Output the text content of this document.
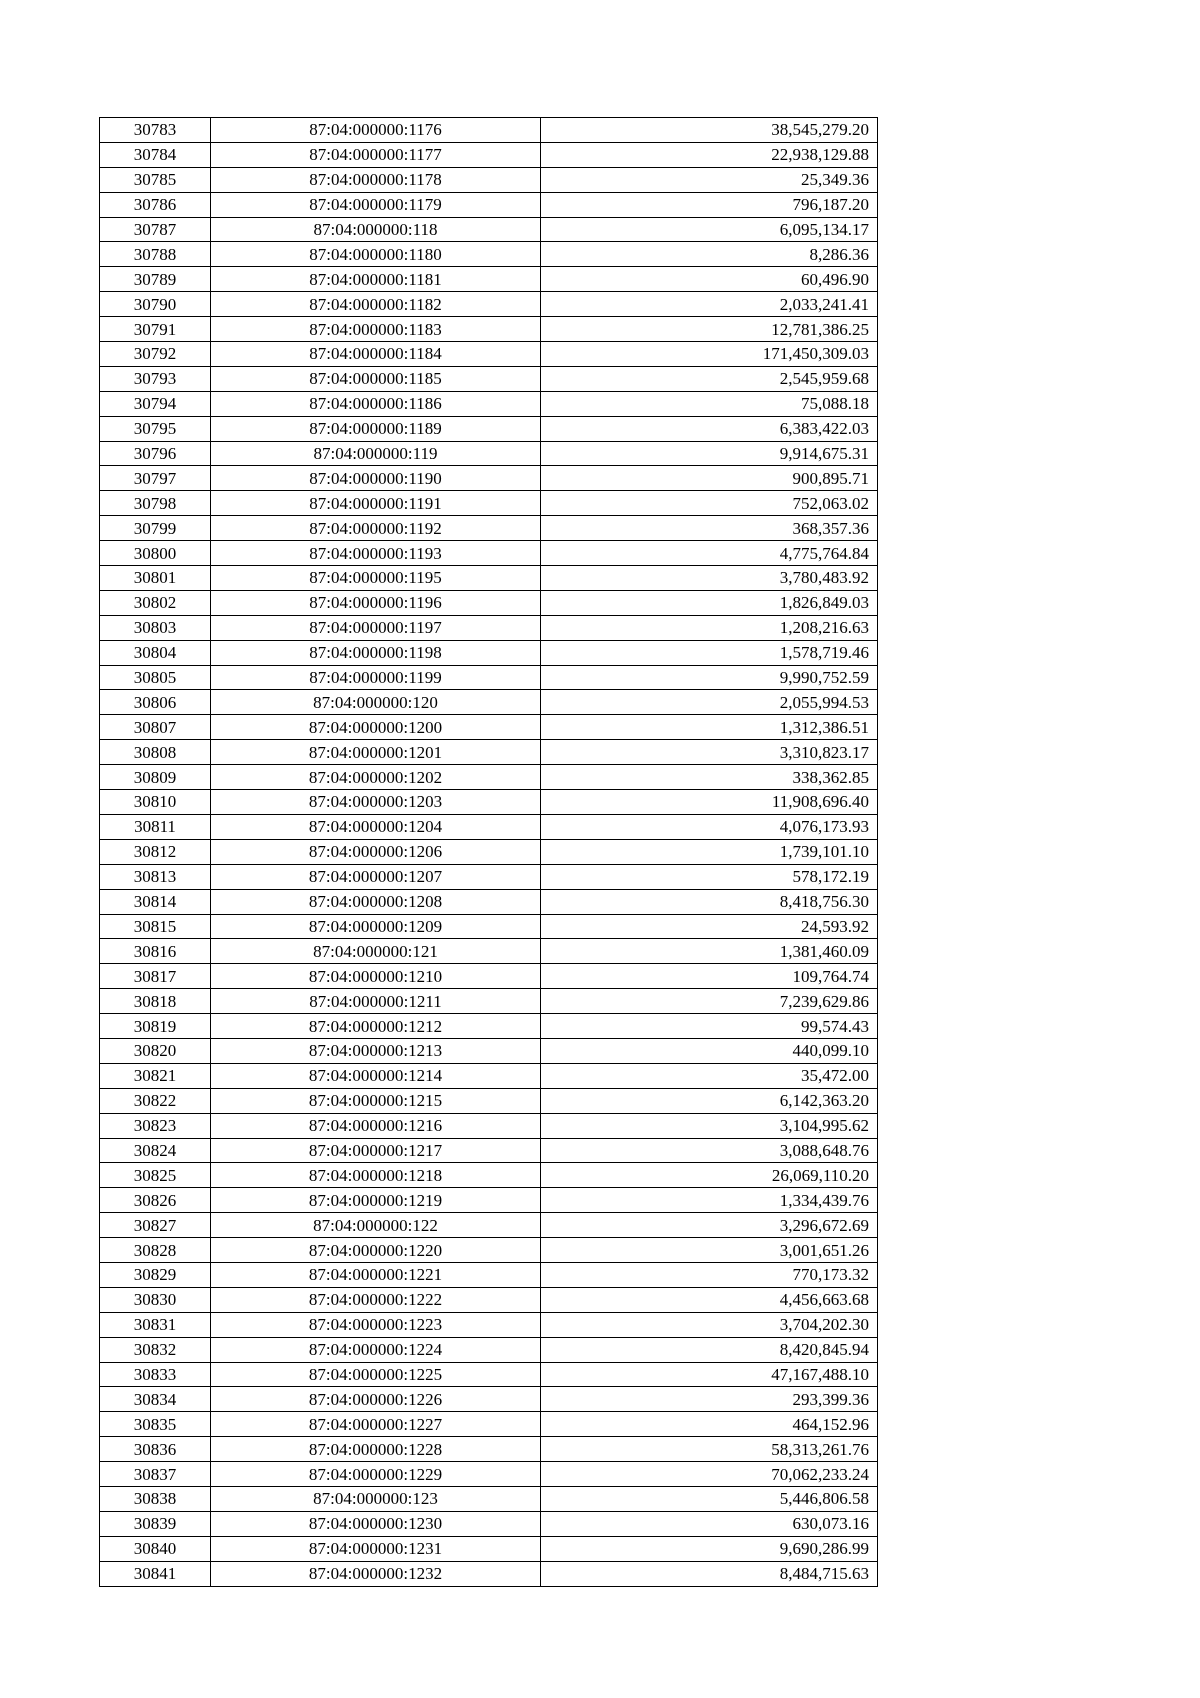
30783	87:04:000000:1176	38,545,279.20
30784	87:04:000000:1177	22,938,129.88
30785	87:04:000000:1178	25,349.36
30786	87:04:000000:1179	796,187.20
30787	87:04:000000:118	6,095,134.17
30788	87:04:000000:1180	8,286.36
30789	87:04:000000:1181	60,496.90
30790	87:04:000000:1182	2,033,241.41
30791	87:04:000000:1183	12,781,386.25
30792	87:04:000000:1184	171,450,309.03
30793	87:04:000000:1185	2,545,959.68
30794	87:04:000000:1186	75,088.18
30795	87:04:000000:1189	6,383,422.03
30796	87:04:000000:119	9,914,675.31
30797	87:04:000000:1190	900,895.71
30798	87:04:000000:1191	752,063.02
30799	87:04:000000:1192	368,357.36
30800	87:04:000000:1193	4,775,764.84
30801	87:04:000000:1195	3,780,483.92
30802	87:04:000000:1196	1,826,849.03
30803	87:04:000000:1197	1,208,216.63
30804	87:04:000000:1198	1,578,719.46
30805	87:04:000000:1199	9,990,752.59
30806	87:04:000000:120	2,055,994.53
30807	87:04:000000:1200	1,312,386.51
30808	87:04:000000:1201	3,310,823.17
30809	87:04:000000:1202	338,362.85
30810	87:04:000000:1203	11,908,696.40
30811	87:04:000000:1204	4,076,173.93
30812	87:04:000000:1206	1,739,101.10
30813	87:04:000000:1207	578,172.19
30814	87:04:000000:1208	8,418,756.30
30815	87:04:000000:1209	24,593.92
30816	87:04:000000:121	1,381,460.09
30817	87:04:000000:1210	109,764.74
30818	87:04:000000:1211	7,239,629.86
30819	87:04:000000:1212	99,574.43
30820	87:04:000000:1213	440,099.10
30821	87:04:000000:1214	35,472.00
30822	87:04:000000:1215	6,142,363.20
30823	87:04:000000:1216	3,104,995.62
30824	87:04:000000:1217	3,088,648.76
30825	87:04:000000:1218	26,069,110.20
30826	87:04:000000:1219	1,334,439.76
30827	87:04:000000:122	3,296,672.69
30828	87:04:000000:1220	3,001,651.26
30829	87:04:000000:1221	770,173.32
30830	87:04:000000:1222	4,456,663.68
30831	87:04:000000:1223	3,704,202.30
30832	87:04:000000:1224	8,420,845.94
30833	87:04:000000:1225	47,167,488.10
30834	87:04:000000:1226	293,399.36
30835	87:04:000000:1227	464,152.96
30836	87:04:000000:1228	58,313,261.76
30837	87:04:000000:1229	70,062,233.24
30838	87:04:000000:123	5,446,806.58
30839	87:04:000000:1230	630,073.16
30840	87:04:000000:1231	9,690,286.99
30841	87:04:000000:1232	8,484,715.63
